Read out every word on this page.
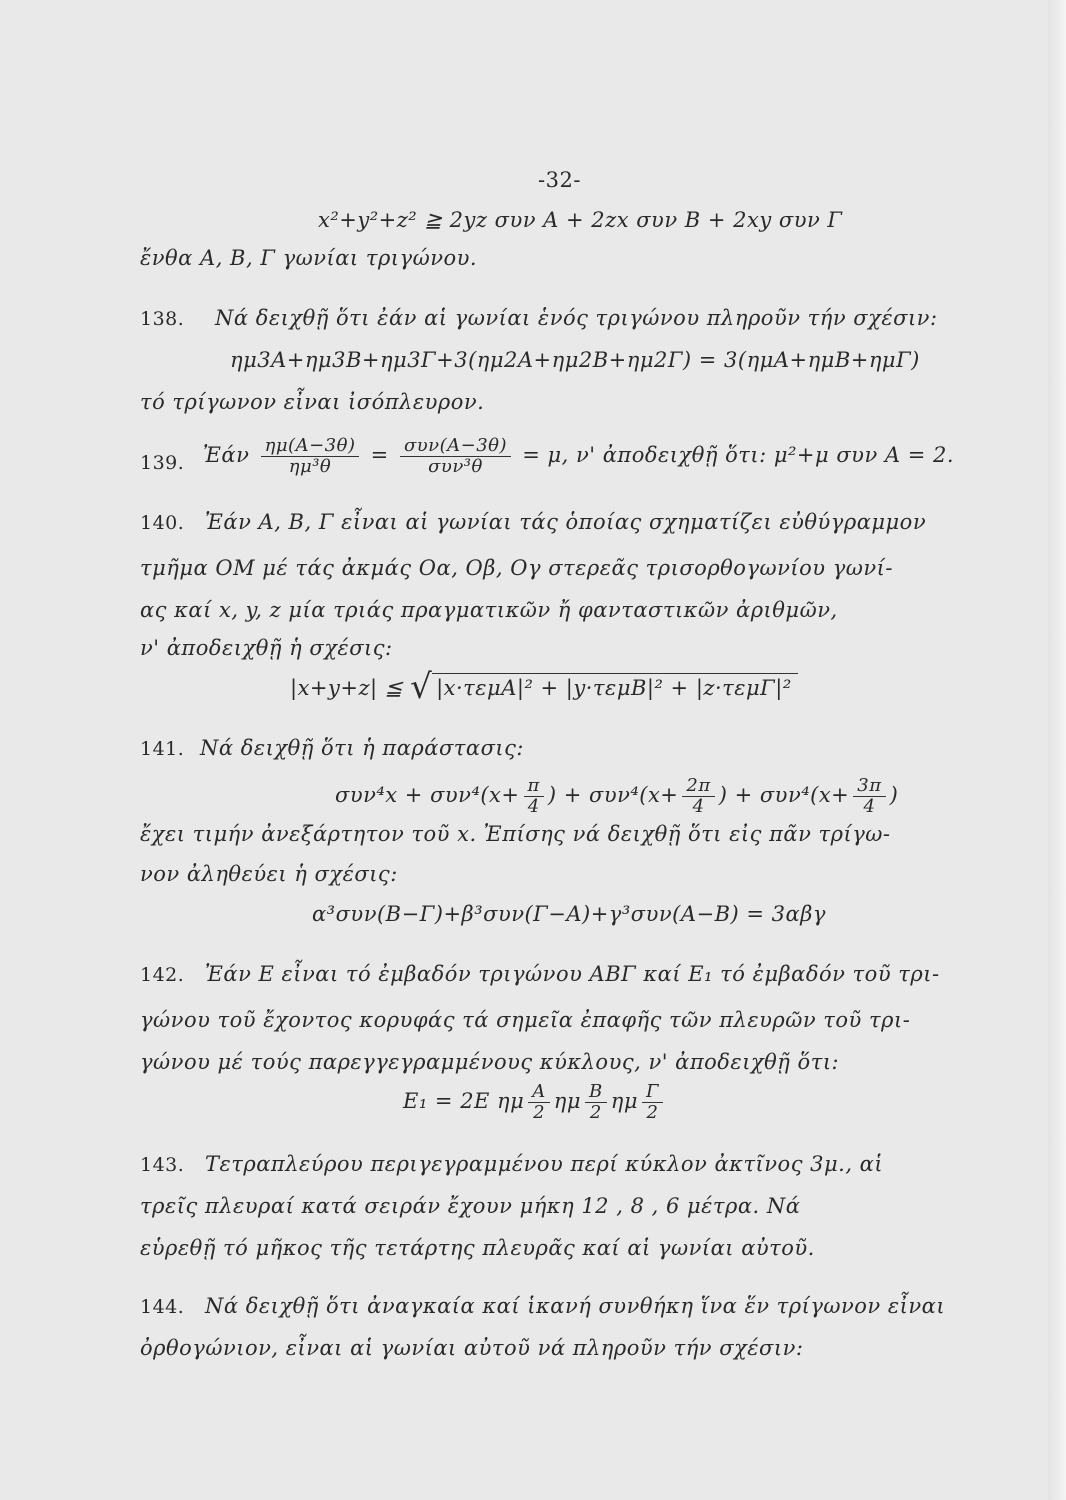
-32-
x²+y²+z² ≧ 2yz συν A + 2zx συν B + 2xy συν Γ
ἔνθα A, B, Γ γωνίαι τριγώνου.
138. Νά δειχθῇ ὅτι ἐάν αἱ γωνίαι ἑνός τριγώνου πληροῦν τήν σχέσιν:
ημ3A+ημ3B+ημ3Γ+3(ημ2A+ημ2B+ημ2Γ) = 3(ημA+ημB+ημΓ)
τό τρίγωνον εἶναι ἰσόπλευρον.
139. Ἐάν $\frac{\eta\mu(A-3\theta)}{\text{ημ³θ}} = \frac{\text{συν(A−3θ)}}{\text{συν³θ}} = \mu$, ν' ἀποδειχθῇ ὅτι: μ²+μ συν A = 2.
140. Ἐάν A, B, Γ εἶναι αἱ γωνίαι τάς ὁποίας σχηματίζει εὐθύγραμμον
τμῆμα OM μέ τάς ἀκμάς Oα, Oβ, Oγ στερεᾶς τρισορθογωνίου γωνί-
ας καί x, y, z μία τριάς πραγματικῶν ἤ φανταστικῶν ἀριθμῶν,
ν' ἀποδειχθῇ ἡ σχέσις:
|x+y+z| ≦ √ |x·τεμA|² + |y·τεμB|² + |z·τεμΓ|²
141. Νά δειχθῇ ὅτι ἡ παράστασις:
$\sigma\upsilon\nu^4x + \sigma\upsilon\nu^4(x+ \frac{\pi}{4}$ ) + $\sigma\upsilon\nu^4(x+ \frac{2\pi}{4}$ ) + $\sigma\upsilon\nu^4(x+ \frac{3\pi}{4}$ )
ἔχει τιμήν ἀνεξάρτητον τοῦ x. Ἐπίσης νά δειχθῇ ὅτι εἰς πᾶν τρίγω-
νον ἀληθεύει ἡ σχέσις:
α³συν(B−Γ)+β³συν(Γ−A)+γ³συν(A−B) = 3αβγ
142. Ἐάν E εἶναι τό ἐμβαδόν τριγώνου ABΓ καί E₁ τό ἐμβαδόν τοῦ τρι-
γώνου τοῦ ἔχοντος κορυφάς τά σημεῖα ἐπαφῆς τῶν πλευρῶν τοῦ τρι-
γώνου μέ τούς παρεγγεγραμμένους κύκλους, ν' ἀποδειχθῇ ὅτι:
E₁ = 2E ημ $\frac{A}{2}$ ημ $\frac{B}{2}$ ημ $\frac{\Gamma}{2}$
143. Τετραπλεύρου περιγεγραμμένου περί κύκλον ἀκτῖνος 3μ., αἱ
τρεῖς πλευραί κατά σειράν ἔχουν μήκη 12 , 8 , 6 μέτρα. Νά
εὑρεθῇ τό μῆκος τῆς τετάρτης πλευρᾶς καί αἱ γωνίαι αὐτοῦ.
144. Νά δειχθῇ ὅτι ἀναγκαία καί ἱκανή συνθήκη ἵνα ἕν τρίγωνον εἶναι
ὀρθογώνιον, εἶναι αἱ γωνίαι αὐτοῦ νά πληροῦν τήν σχέσιν:
